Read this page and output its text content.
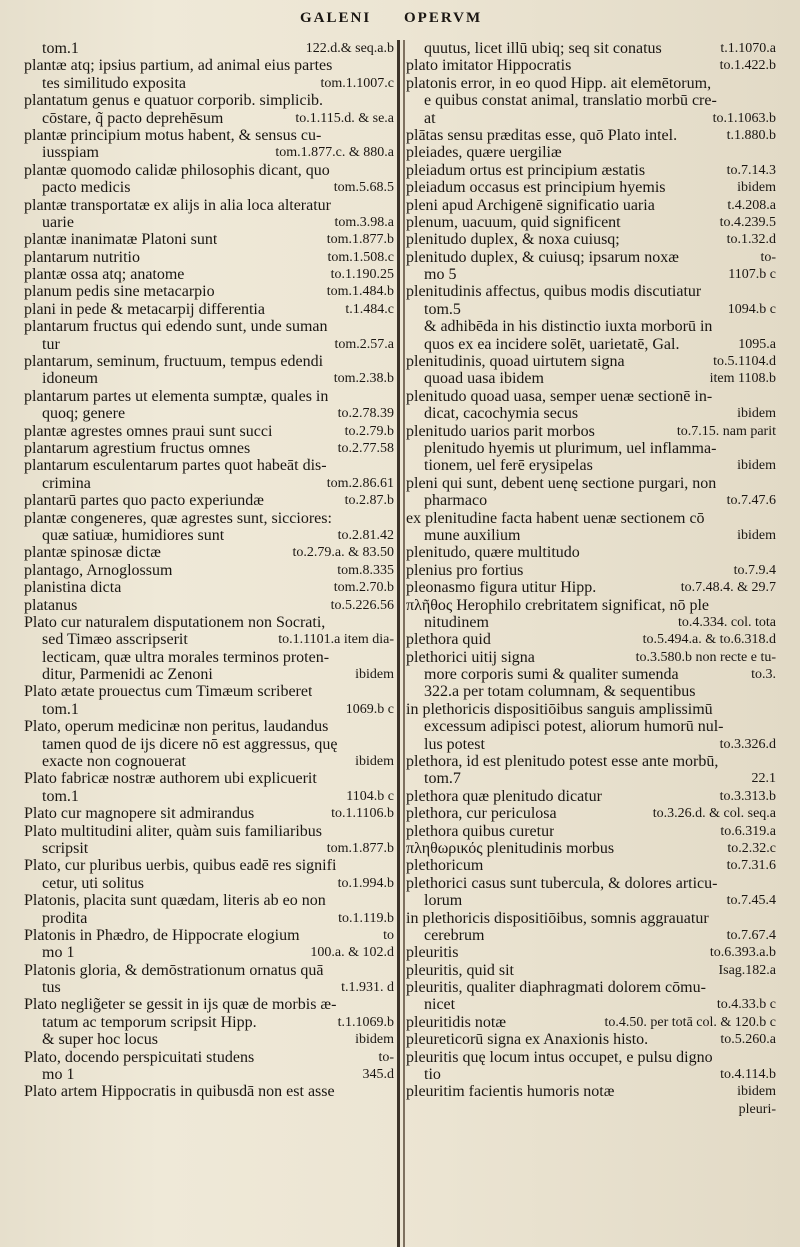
GALENI OPERVM
tom.1	122.d.& seq.a.b
plantæ atq; ipsius partium, ad animal eius partes
tes similitudo exposita	tom.1.1007.c
plantatum genus e quatuor corporib. simplicib.
cōstare, q̃ pacto deprehēsum	to.1.115.d. & se.a
plantæ principium motus habent, & sensus cu-
iusspiam	tom.1.877.c. & 880.a
plantæ quomodo calidæ philosophis dicant, quo
pacto medicis	tom.5.68.5
plantæ transportatæ ex alijs in alia loca alteratur
uarie	tom.3.98.a
plantæ inanimatæ Platoni sunt	tom.1.877.b
plantarum nutritio	tom.1.508.c
plantæ ossa atq; anatome	to.1.190.25
planum pedis sine metacarpio	tom.1.484.b
plani in pede & metacarpij differentia	t.1.484.c
plantarum fructus qui edendo sunt, unde suman
tur	tom.2.57.a
plantarum, seminum, fructuum, tempus edendi
idoneum	tom.2.38.b
plantarum partes ut elementa sumptæ, quales in
quoq; genere	to.2.78.39
plantæ agrestes omnes praui sunt succi	to.2.79.b
plantarum agrestium fructus omnes	to.2.77.58
plantarum esculentarum partes quot habeāt dis-
crimina	tom.2.86.61
plantarū partes quo pacto experiundæ	to.2.87.b
plantæ congeneres, quæ agrestes sunt, sicciores:
quæ satiuæ, humidiores sunt	to.2.81.42
plantæ spinosæ dictæ	to.2.79.a. & 83.50
plantago, Arnoglossum	tom.8.335
planistina dicta	tom.2.70.b
platanus	to.5.226.56
Plato cur naturalem disputationem non Socrati,
sed Timæo asscripserit	to.1.1101.a item dia-
lecticam, quæ ultra morales terminos proten-
ditur, Parmenidi ac Zenoni	ibidem
Plato ætate prouectus cum Timæum scriberet
tom.1	1069.b c
Plato, operum medicinæ non peritus, laudandus
tamen quod de ijs dicere nō est aggressus, quę
exacte non cognouerat	ibidem
Plato fabricæ nostræ authorem ubi explicuerit
tom.1	1104.b c
Plato cur magnopere sit admirandus	to.1.1106.b
Plato multitudini aliter, quàm suis familiaribus
scripsit	tom.1.877.b
Plato, cur pluribus uerbis, quibus eadē res signifi
cetur, uti solitus	to.1.994.b
Platonis, placita sunt quædam, literis ab eo non
prodita	to.1.119.b
Platonis in Phædro, de Hippocrate elogium	to
mo 1	100.a. & 102.d
Platonis gloria, & demōstrationum ornatus quā
tus	t.1.931. d
Plato neglig̃eter se gessit in ijs quæ de morbis æ-
tatum ac temporum scripsit Hipp.	t.1.1069.b
& super hoc locus	ibidem
Plato, docendo perspicuitati studens	to-
mo 1	345.d
Plato artem Hippocratis in quibusdā non est asse
quutus, licet illū ubiq; seq sit conatus	t.1.1070.a
plato imitator Hippocratis	to.1.422.b
platonis error, in eo quod Hipp. ait elemētorum,
e quibus constat animal, translatio morbū cre-
at	to.1.1063.b
plātas sensu præditas esse, quō Plato intel.	t.1.880.b
pleiades, quære uergiliæ
pleiadum ortus est principium æstatis	to.7.14.3
pleiadum occasus est principium hyemis	ibidem
pleni apud Archigenē significatio uaria	t.4.208.a
plenum, uacuum, quid significent	to.4.239.5
plenitudo duplex, & noxa cuiusq;	to.1.32.d
plenitudo duplex, & cuiusq; ipsarum noxæ	to-
mo 5	1107.b c
plenitudinis affectus, quibus modis discutiatur
tom.5	1094.b c
& adhibēda in his distinctio iuxta morborū in
quos ex ea incidere solēt, uarietatē, Gal.	1095.a
plenitudinis, quoad uirtutem signa	to.5.1104.d
quoad uasa ibidem	item 1108.b
plenitudo quoad uasa, semper uenæ sectionē in-
dicat, cacochymia secus	ibidem
plenitudo uarios parit morbos	to.7.15. nam parit
plenitudo hyemis ut plurimum, uel inflamma-
tionem, uel ferē erysipelas	ibidem
pleni qui sunt, debent uenę sectione purgari, non
pharmaco	to.7.47.6
ex plenitudine facta habent uenæ sectionem cō
mune auxilium	ibidem
plenitudo, quære multitudo
plenius pro fortius	to.7.9.4
pleonasmo figura utitur Hipp.	to.7.48.4. & 29.7
πλῆθος Herophilo crebritatem significat, nō ple
nitudinem	to.4.334. col. tota
plethora quid	to.5.494.a. & to.6.318.d
plethorici uitij signa	to.3.580.b non recte e tu-
more corporis sumi & qualiter sumenda	to.3.
322.a per totam columnam, & sequentibus
in plethoricis dispositiōibus sanguis amplissimū
excessum adipisci potest, aliorum humorū nul-
lus potest	to.3.326.d
plethora, id est plenitudo potest esse ante morbū,
tom.7	22.1
plethora quæ plenitudo dicatur	to.3.313.b
plethora, cur periculosa	to.3.26.d. & col. seq.a
plethora quibus curetur	to.6.319.a
πληθωρικός plenitudinis morbus	to.2.32.c
plethoricum	to.7.31.6
plethorici casus sunt tubercula, & dolores articu-
lorum	to.7.45.4
in plethoricis dispositiōibus, somnis aggrauatur
cerebrum	to.7.67.4
pleuritis	to.6.393.a.b
pleuritis, quid sit	Isag.182.a
pleuritis, qualiter diaphragmati dolorem cōmu-
nicet	to.4.33.b c
pleuritidis notæ	to.4.50. per totā col. & 120.b c
pleureticorū signa ex Anaxionis histo.	to.5.260.a
pleuritis quę locum intus occupet, e pulsu digno
tio	to.4.114.b
pleuritim facientis humoris notæ	ibidem
pleuri-
